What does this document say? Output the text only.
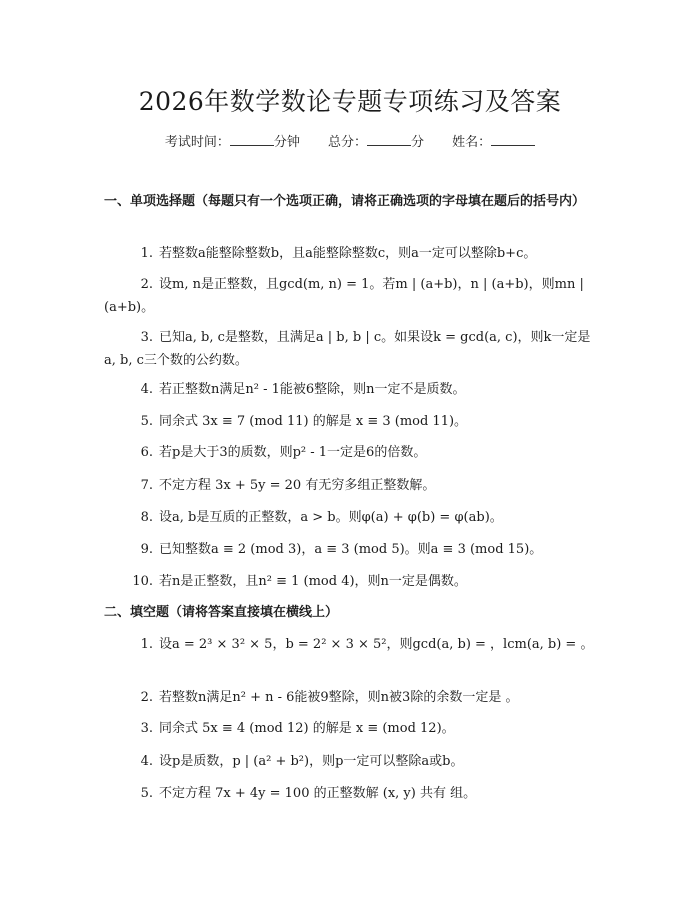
2026年数学数论专题专项练习及答案
考试时间：	分钟 总分：	分 姓名：
一、单项选择题（每题只有一个选项正确，请将正确选项的字母填在题后的括号内）
1. 若整数a能整除整数b，且a能整除整数c，则a一定可以整除b+c。
2. 设m, n是正整数，且gcd(m, n) = 1。若m | (a+b)，n | (a+b)，则mn | (a+b)。
3. 已知a, b, c是整数，且满足a | b, b | c。如果设k = gcd(a, c)，则k一定是a, b, c三个数的公约数。
4. 若正整数n满足n² - 1能被6整除，则n一定不是质数。
5. 同余式 3x ≡ 7 (mod 11) 的解是 x ≡ 3 (mod 11)。
6. 若p是大于3的质数，则p² - 1一定是6的倍数。
7. 不定方程 3x + 5y = 20 有无穷多组正整数解。
8. 设a, b是互质的正整数，a > b。则φ(a) + φ(b) = φ(ab)。
9. 已知整数a ≡ 2 (mod 3)，a ≡ 3 (mod 5)。则a ≡ 3 (mod 15)。
10. 若n是正整数，且n² ≡ 1 (mod 4)，则n一定是偶数。
二、填空题（请将答案直接填在横线上）
1. 设a = 2³ × 3² × 5，b = 2² × 3 × 5²，则gcd(a, b) = ，lcm(a, b) = 。
2. 若整数n满足n² + n - 6能被9整除，则n被3除的余数一定是 。
3. 同余式 5x ≡ 4 (mod 12) 的解是 x ≡ (mod 12)。
4. 设p是质数，p | (a² + b²)，则p一定可以整除a或b。
5. 不定方程 7x + 4y = 100 的正整数解 (x, y) 共有 组。
